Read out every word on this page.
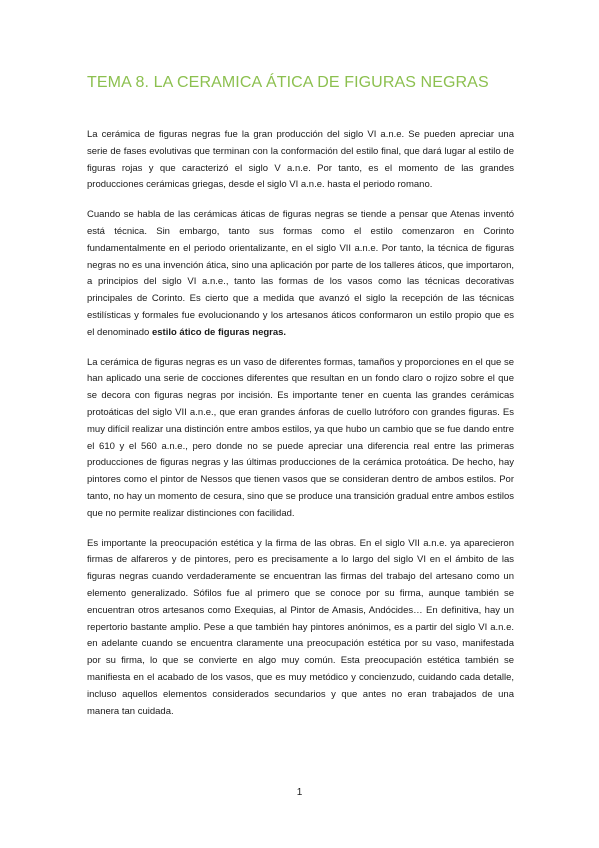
TEMA 8. LA CERAMICA ÁTICA DE FIGURAS NEGRAS

La cerámica de figuras negras fue la gran producción del siglo VI a.n.e. Se pueden apreciar una serie de fases evolutivas que terminan con la conformación del estilo final, que dará lugar al estilo de figuras rojas y que caracterizó el siglo V a.n.e. Por tanto, es el momento de las grandes producciones cerámicas griegas, desde el siglo VI a.n.e. hasta el periodo romano.

Cuando se habla de las cerámicas áticas de figuras negras se tiende a pensar que Atenas inventó está técnica. Sin embargo, tanto sus formas como el estilo comenzaron en Corinto fundamentalmente en el periodo orientalizante, en el siglo VII a.n.e. Por tanto, la técnica de figuras negras no es una invención ática, sino una aplicación por parte de los talleres áticos, que importaron, a principios del siglo VI a.n.e., tanto las formas de los vasos como las técnicas decorativas principales de Corinto. Es cierto que a medida que avanzó el siglo la recepción de las técnicas estilísticas y formales fue evolucionando y los artesanos áticos conformaron un estilo propio que es el denominado estilo ático de figuras negras.

La cerámica de figuras negras es un vaso de diferentes formas, tamaños y proporciones en el que se han aplicado una serie de cocciones diferentes que resultan en un fondo claro o rojizo sobre el que se decora con figuras negras por incisión. Es importante tener en cuenta las grandes cerámicas protoáticas del siglo VII a.n.e., que eran grandes ánforas de cuello lutróforo con grandes figuras. Es muy difícil realizar una distinción entre ambos estilos, ya que hubo un cambio que se fue dando entre el 610 y el 560 a.n.e., pero donde no se puede apreciar una diferencia real entre las primeras producciones de figuras negras y las últimas producciones de la cerámica protoática. De hecho, hay pintores como el pintor de Nessos que tienen vasos que se consideran dentro de ambos estilos. Por tanto, no hay un momento de cesura, sino que se produce una transición gradual entre ambos estilos que no permite realizar distinciones con facilidad.

Es importante la preocupación estética y la firma de las obras. En el siglo VII a.n.e. ya aparecieron firmas de alfareros y de pintores, pero es precisamente a lo largo del siglo VI en el ámbito de las figuras negras cuando verdaderamente se encuentran las firmas del trabajo del artesano como un elemento generalizado. Sófilos fue al primero que se conoce por su firma, aunque también se encuentran otros artesanos como Exequias, al Pintor de Amasis, Andócides… En definitiva, hay un repertorio bastante amplio. Pese a que también hay pintores anónimos, es a partir del siglo VI a.n.e. en adelante cuando se encuentra claramente una preocupación estética por su vaso, manifestada por su firma, lo que se convierte en algo muy común. Esta preocupación estética también se manifiesta en el acabado de los vasos, que es muy metódico y concienzudo, cuidando cada detalle, incluso aquellos elementos considerados secundarios y que antes no eran trabajados de una manera tan cuidada.

1
